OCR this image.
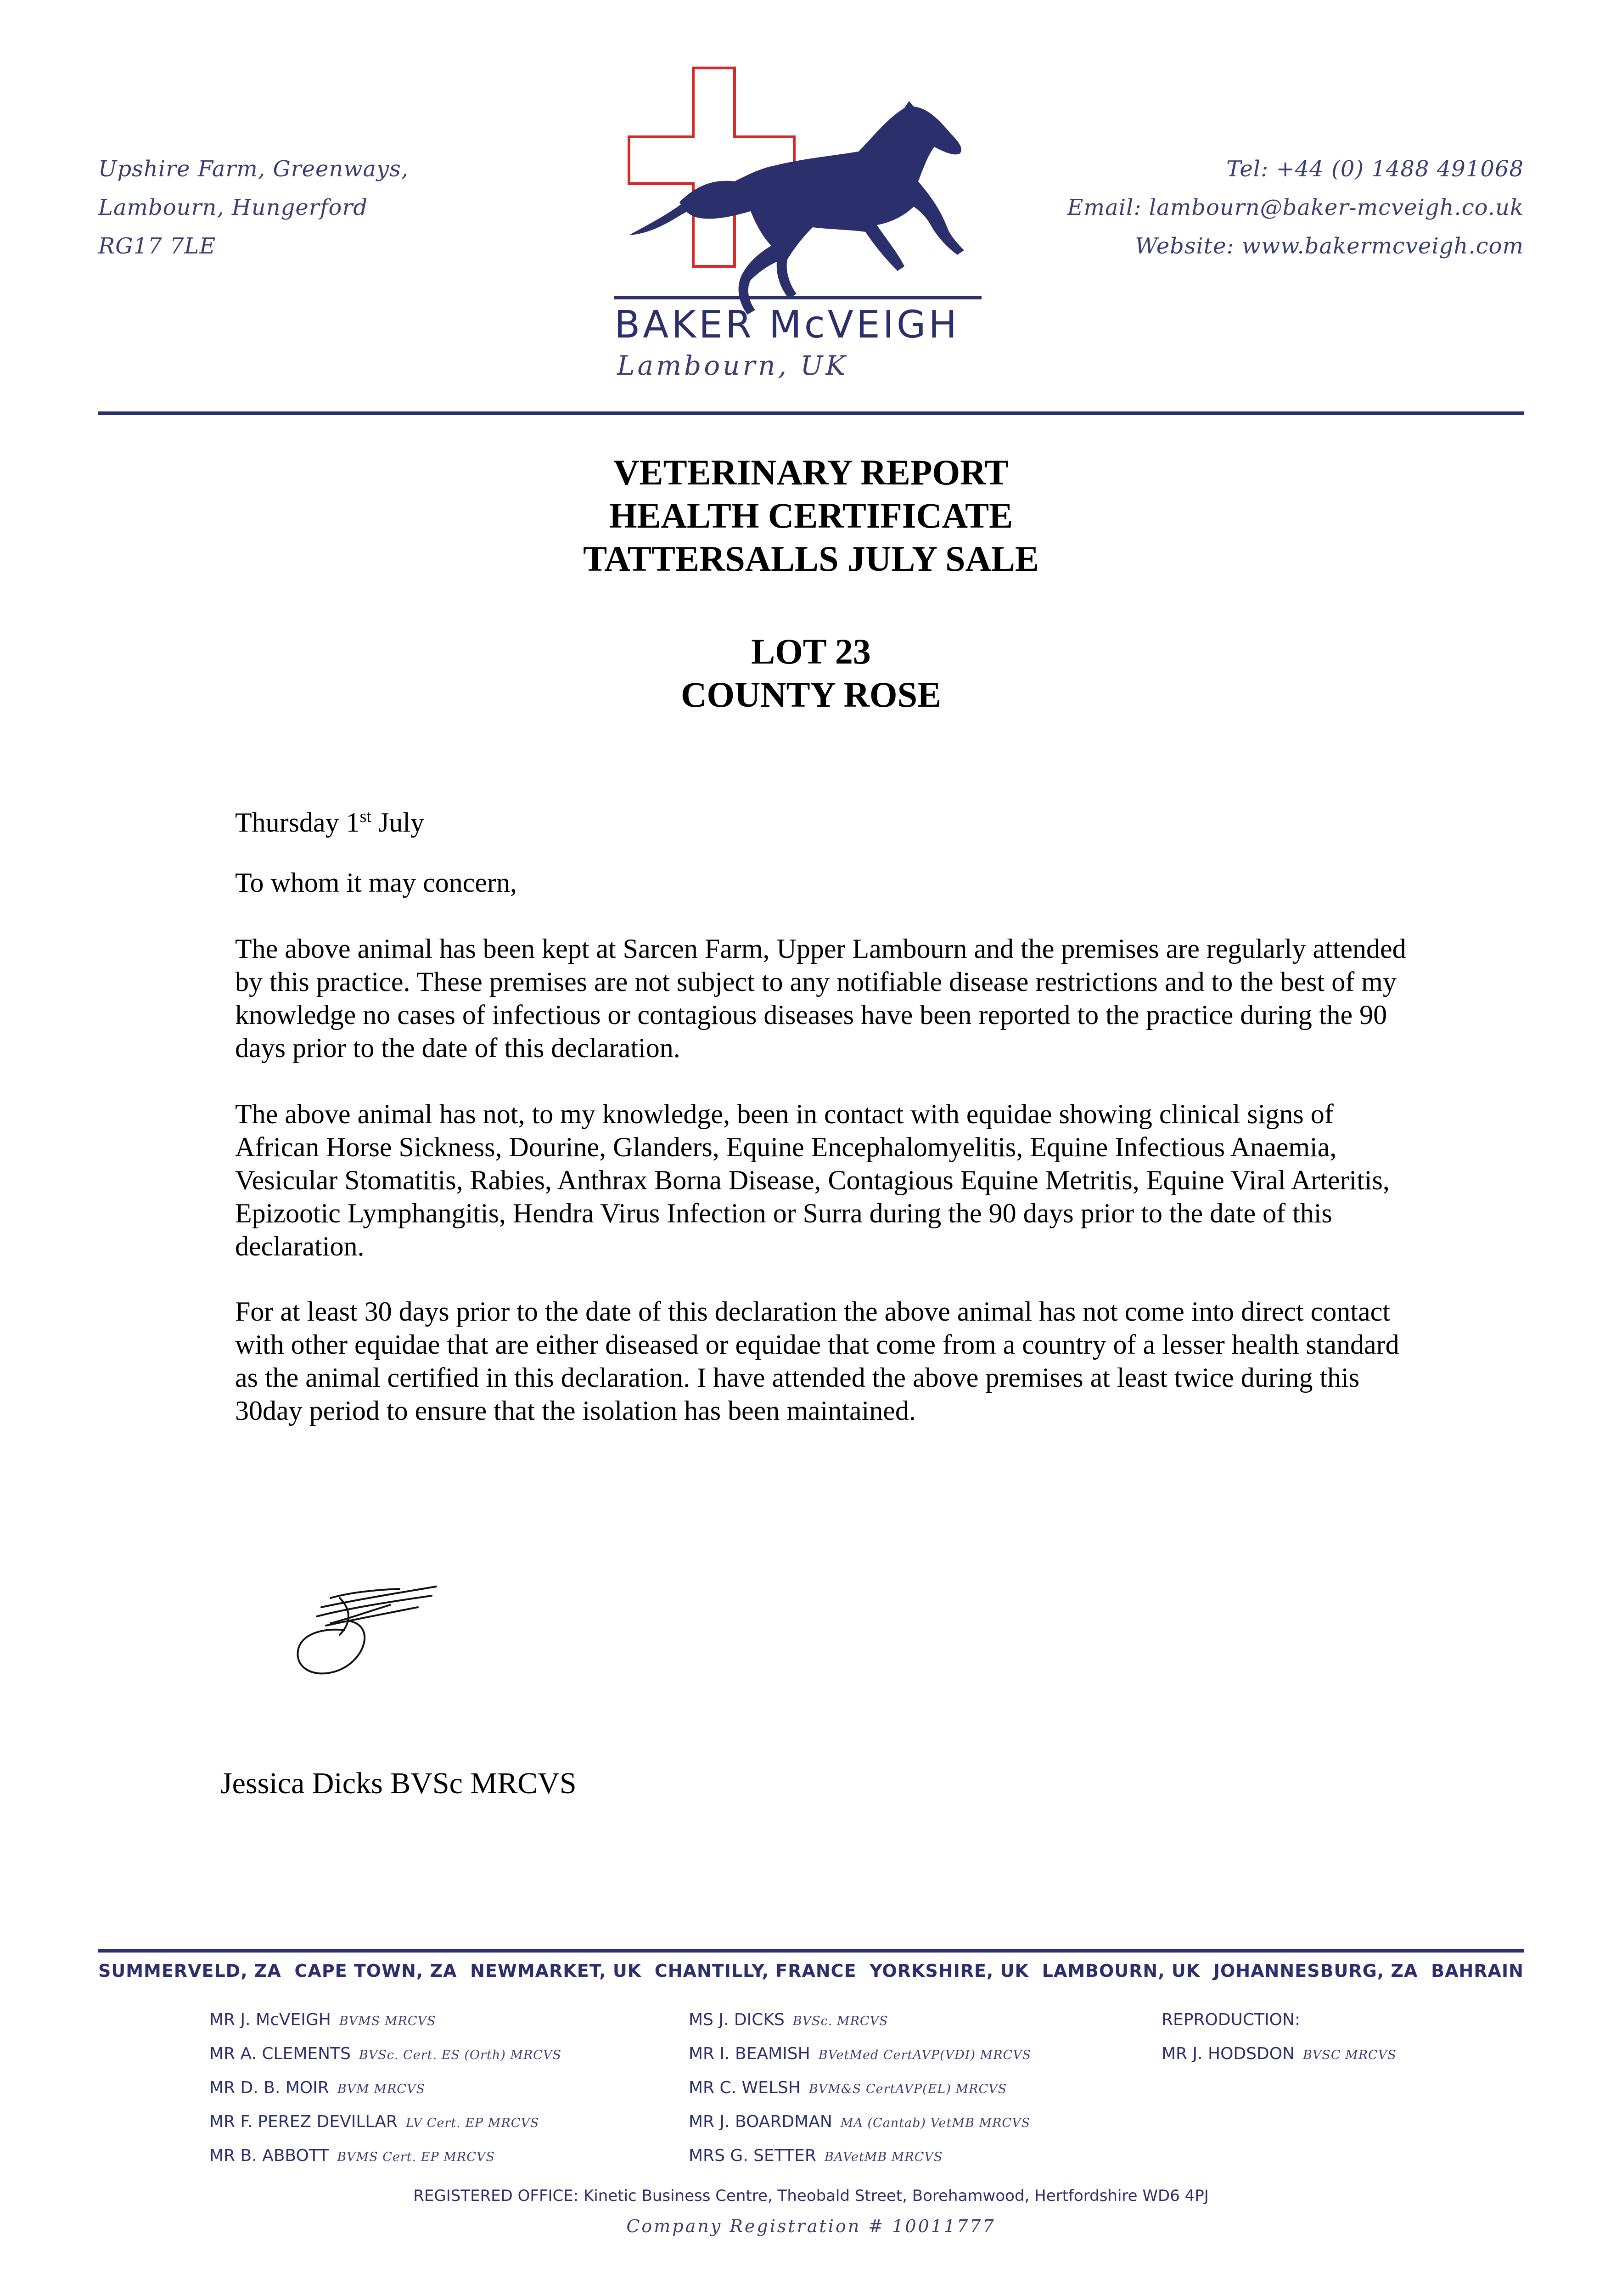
Upshire Farm, Greenways,
Lambourn, Hungerford
RG17 7LE
Tel: +44 (0) 1488 491068
Email: lambourn@baker-mcveigh.co.uk
Website: www.bakermcveigh.com
BAKER McVEIGH
Lambourn, UK
VETERINARY REPORT
HEALTH CERTIFICATE
TATTERSALLS JULY SALE
LOT 23
COUNTY ROSE
Thursday 1st July
To whom it may concern,

The above animal has been kept at Sarcen Farm, Upper Lambourn and the premises are regularly attended by this practice. These premises are not subject to any notifiable disease restrictions and to the best of my knowledge no cases of infectious or contagious diseases have been reported to the practice during the 90 days prior to the date of this declaration.

The above animal has not, to my knowledge, been in contact with equidae showing clinical signs of African Horse Sickness, Dourine, Glanders, Equine Encephalomyelitis, Equine Infectious Anaemia, Vesicular Stomatitis, Rabies, Anthrax Borna Disease, Contagious Equine Metritis, Equine Viral Arteritis, Epizootic Lymphangitis, Hendra Virus Infection or Surra during the 90 days prior to the date of this declaration.

For at least 30 days prior to the date of this declaration the above animal has not come into direct contact with other equidae that are either diseased or equidae that come from a country of a lesser health standard as the animal certified in this declaration. I have attended the above premises at least twice during this 30day period to ensure that the isolation has been maintained.

Jessica Dicks BVSc MRCVS
SUMMERVELD, ZA CAPE TOWN, ZA NEWMARKET, UK CHANTILLY, FRANCE YORKSHIRE, UK LAMBOURN, UK JOHANNESBURG, ZA BAHRAIN
MR J. McVEIGH BVMS MRCVS
MR A. CLEMENTS BVSc. Cert. ES (Orth) MRCVS
MR D. B. MOIR BVM MRCVS
MR F. PEREZ DEVILLAR LV Cert. EP MRCVS
MR B. ABBOTT BVMS Cert. EP MRCVS
MS J. DICKS BVSc. MRCVS
MR I. BEAMISH BVetMed CertAVP(VDI) MRCVS
MR C. WELSH BVM&S CertAVP(EL) MRCVS
MR J. BOARDMAN MA (Cantab) VetMB MRCVS
MRS G. SETTER BAVetMB MRCVS
REPRODUCTION:
MR J. HODSDON BVSC MRCVS
REGISTERED OFFICE: Kinetic Business Centre, Theobald Street, Borehamwood, Hertfordshire WD6 4PJ
Company Registration # 10011777
